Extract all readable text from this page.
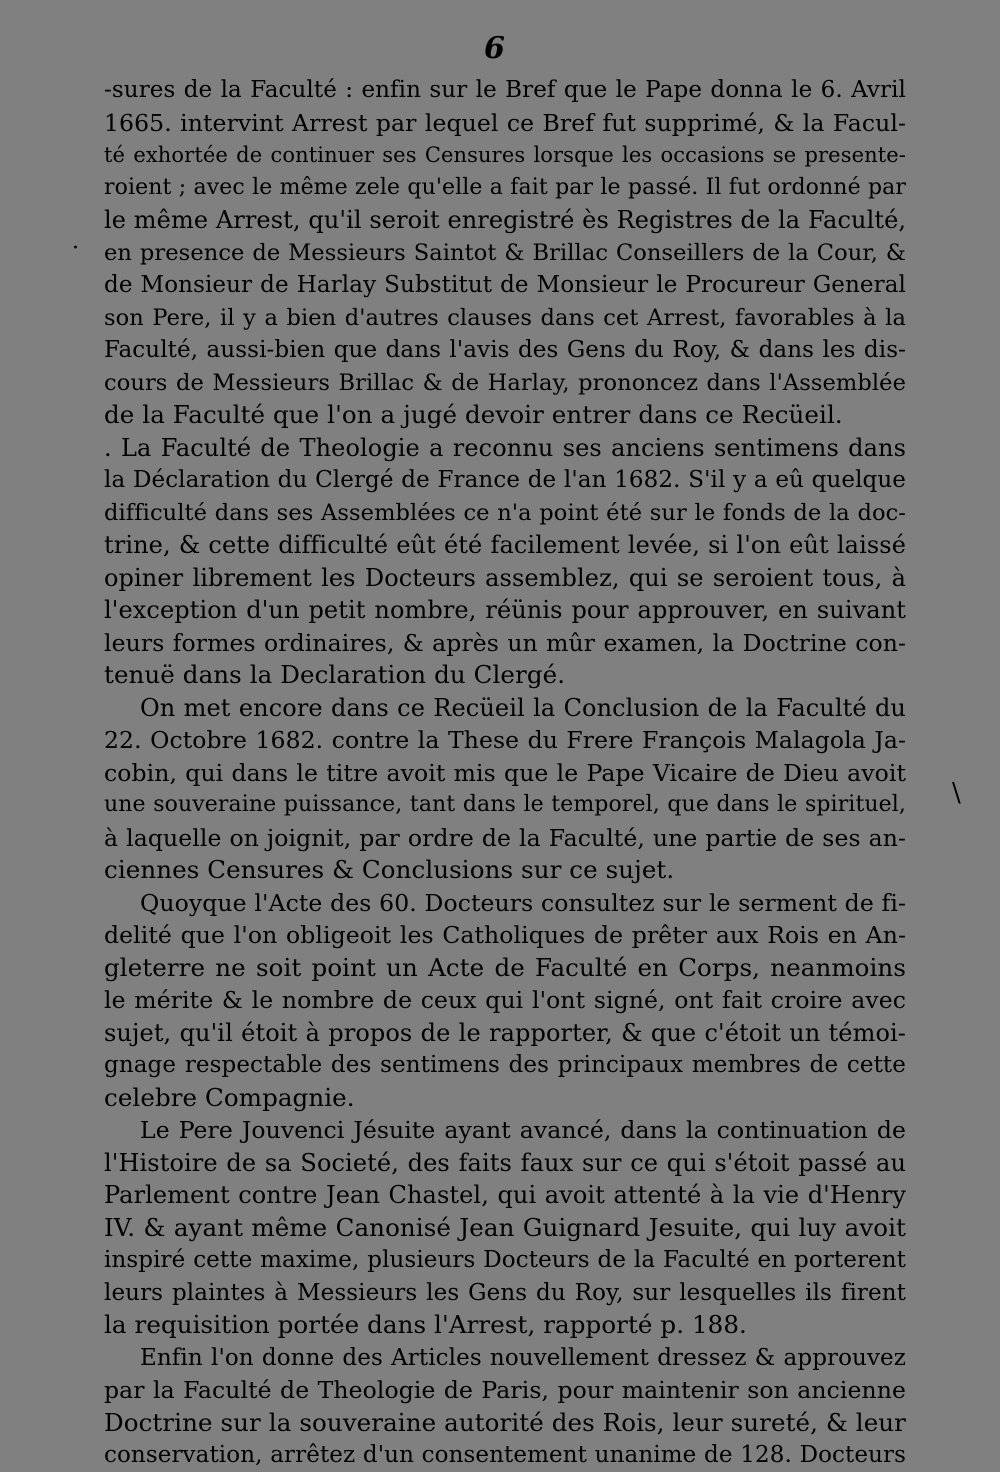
6
·
-sures de la Faculté : enfin sur le Bref que le Pape donna le 6. Avril
1665. intervint Arrest par lequel ce Bref fut supprimé, & la Facul-
té exhortée de continuer ses Censures lorsque les occasions se presente-
roient ; avec le même zele qu'elle a fait par le passé. Il fut ordonné par
le même Arrest, qu'il seroit enregistré ès Registres de la Faculté,
en presence de Messieurs Saintot & Brillac Conseillers de la Cour, &
de Monsieur de Harlay Substitut de Monsieur le Procureur General
son Pere, il y a bien d'autres clauses dans cet Arrest, favorables à la
Faculté, aussi-bien que dans l'avis des Gens du Roy, & dans les dis-
cours de Messieurs Brillac & de Harlay, prononcez dans l'Assemblée
de la Faculté que l'on a jugé devoir entrer dans ce Recüeil.
. La Faculté de Theologie a reconnu ses anciens sentimens dans
la Déclaration du Clergé de France de l'an 1682. S'il y a eû quelque
difficulté dans ses Assemblées ce n'a point été sur le fonds de la doc-
trine, & cette difficulté eût été facilement levée, si l'on eût laissé
opiner librement les Docteurs assemblez, qui se seroient tous, à
l'exception d'un petit nombre, réünis pour approuver, en suivant
leurs formes ordinaires, & après un mûr examen, la Doctrine con-
tenuë dans la Declaration du Clergé.
On met encore dans ce Recüeil la Conclusion de la Faculté du
22. Octobre 1682. contre la These du Frere François Malagola Ja-
cobin, qui dans le titre avoit mis que le Pape Vicaire de Dieu avoit
une souveraine puissance, tant dans le temporel, que dans le spirituel,
à laquelle on joignit, par ordre de la Faculté, une partie de ses an-
ciennes Censures & Conclusions sur ce sujet.
Quoyque l'Acte des 60. Docteurs consultez sur le serment de fi-
delité que l'on obligeoit les Catholiques de prêter aux Rois en An-
gleterre ne soit point un Acte de Faculté en Corps, neanmoins
le mérite & le nombre de ceux qui l'ont signé, ont fait croire avec
sujet, qu'il étoit à propos de le rapporter, & que c'étoit un témoi-
gnage respectable des sentimens des principaux membres de cette
celebre Compagnie.
Le Pere Jouvenci Jésuite ayant avancé, dans la continuation de
l'Histoire de sa Societé, des faits faux sur ce qui s'étoit passé au
Parlement contre Jean Chastel, qui avoit attenté à la vie d'Henry
IV. & ayant même Canonisé Jean Guignard Jesuite, qui luy avoit
inspiré cette maxime, plusieurs Docteurs de la Faculté en porterent
leurs plaintes à Messieurs les Gens du Roy, sur lesquelles ils firent
la requisition portée dans l'Arrest, rapporté p. 188.
Enfin l'on donne des Articles nouvellement dressez & approuvez
par la Faculté de Theologie de Paris, pour maintenir son ancienne
Doctrine sur la souveraine autorité des Rois, leur sureté, & leur
conservation, arrêtez d'un consentement unanime de 128. Docteurs
\
